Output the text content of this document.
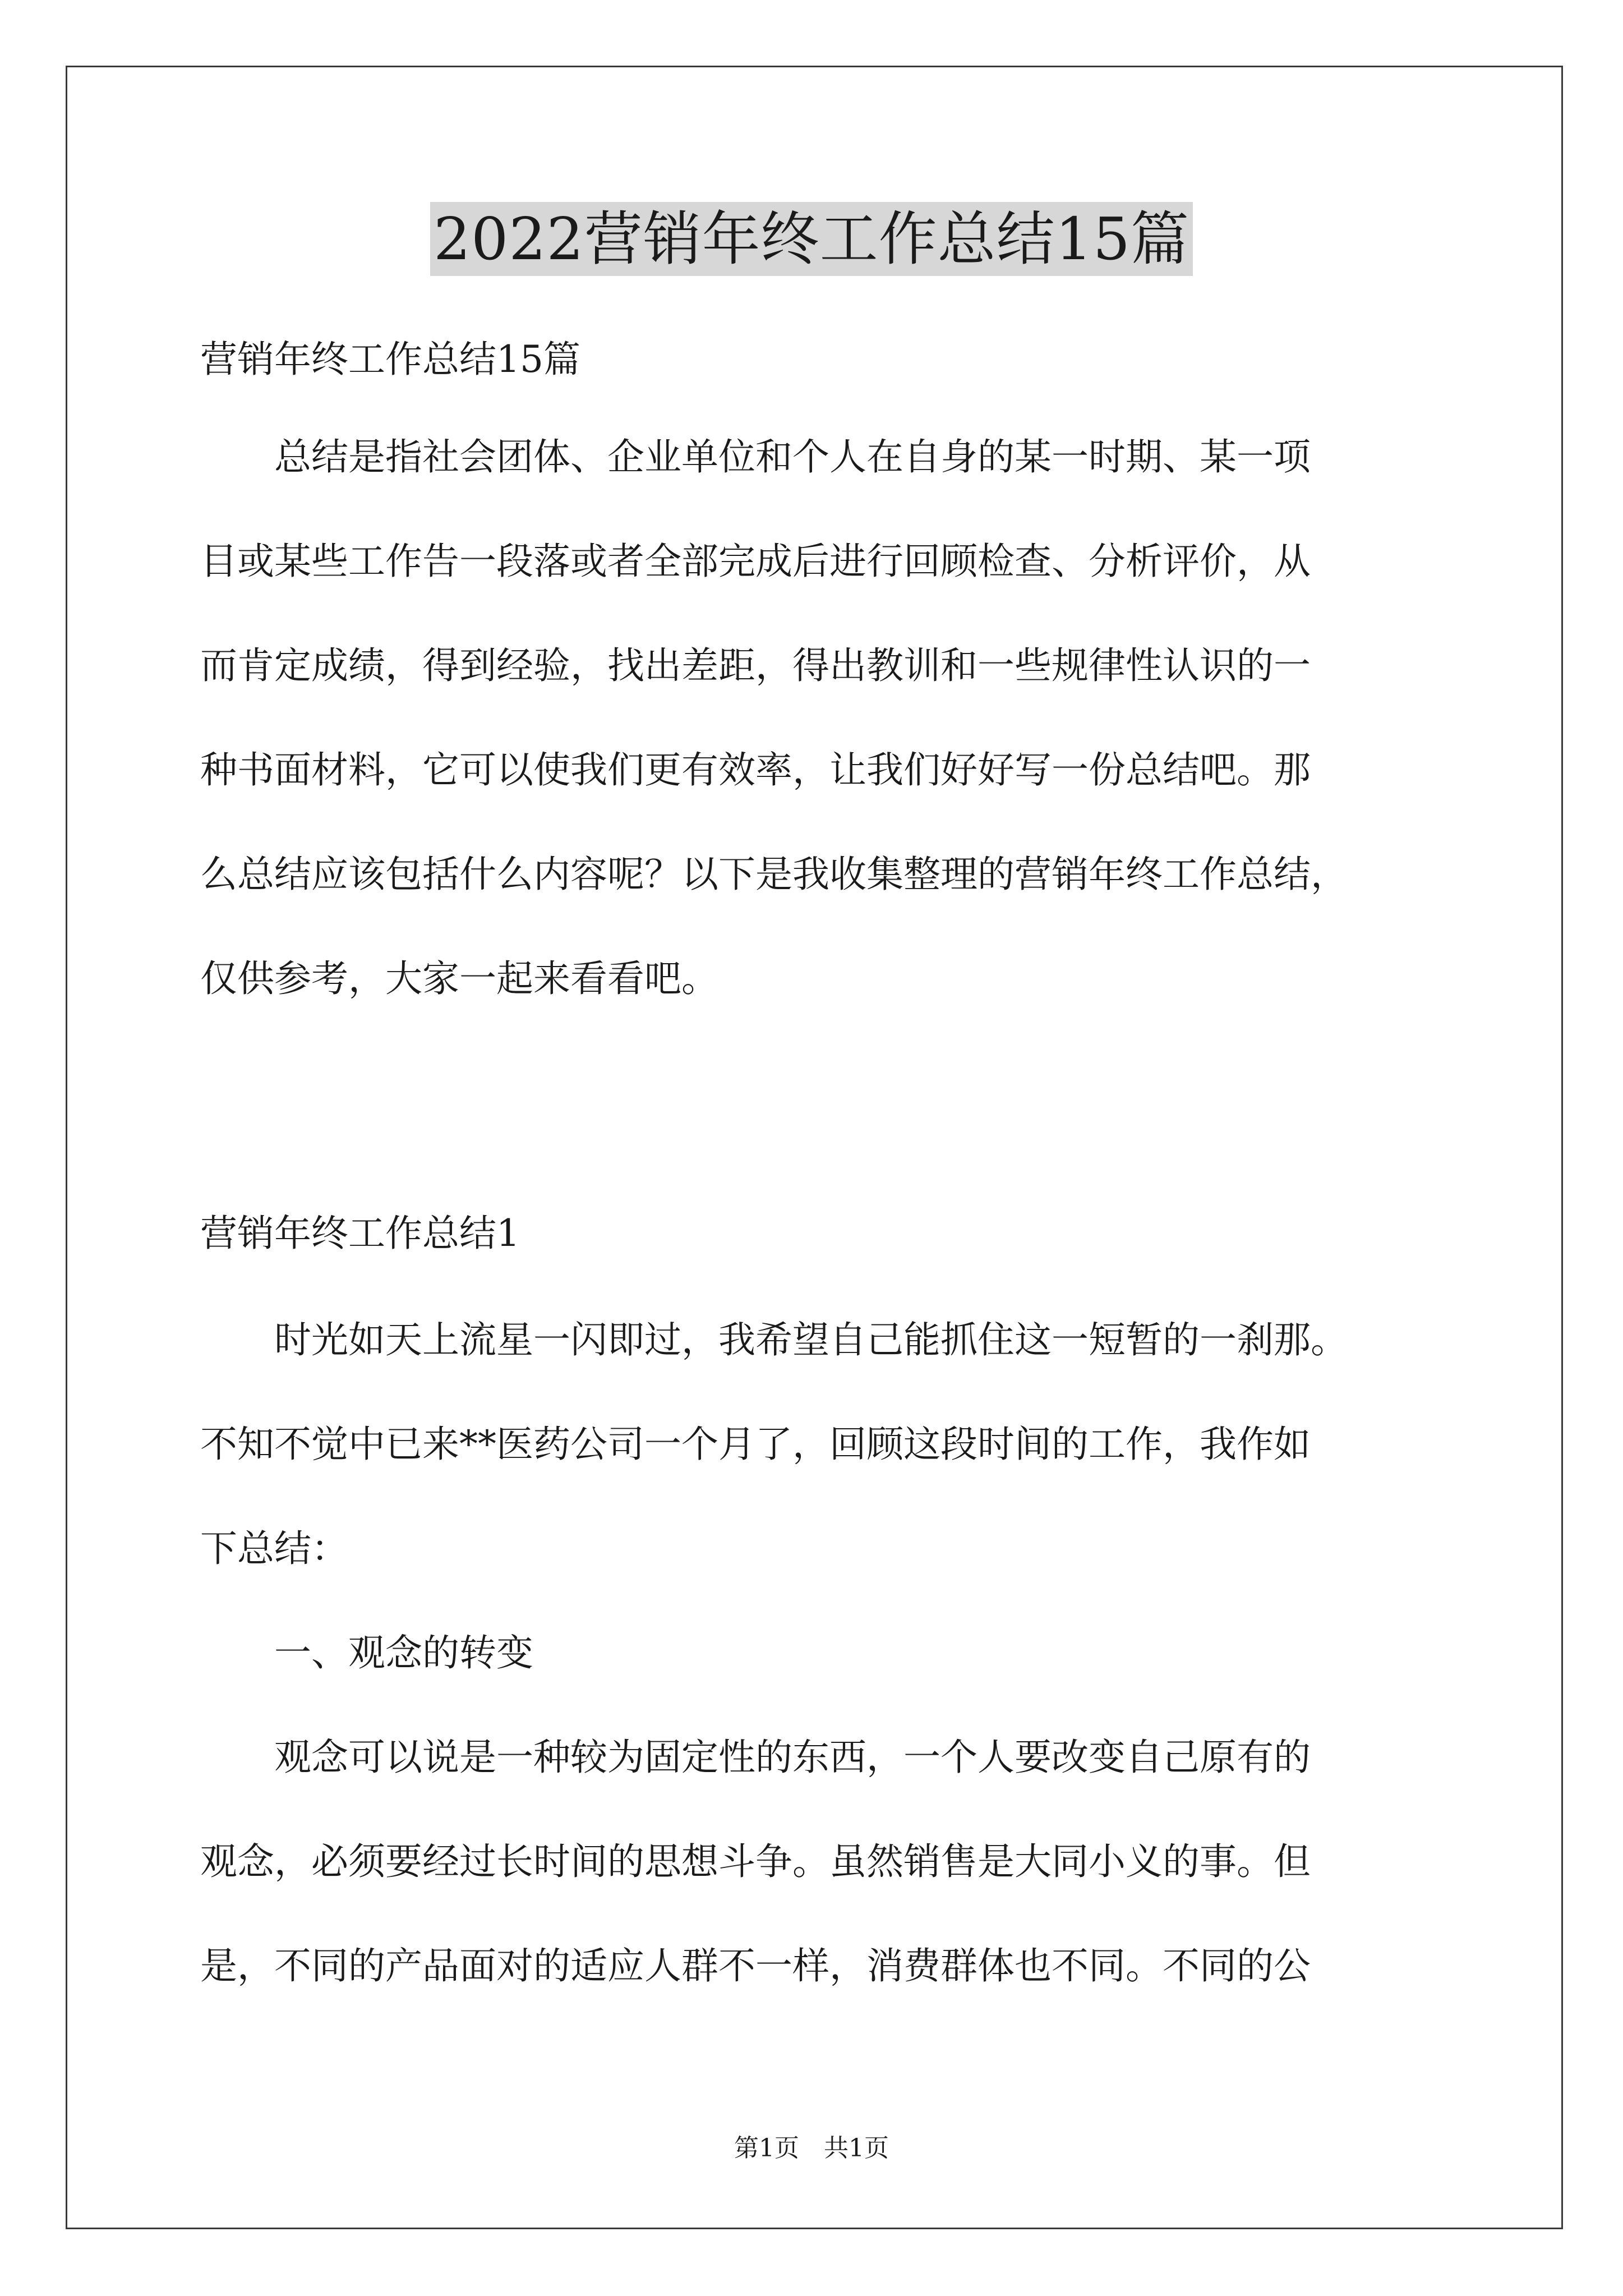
2022营销年终工作总结15篇
营销年终工作总结15篇
　　总结是指社会团体、企业单位和个人在自身的某一时期、某一项
目或某些工作告一段落或者全部完成后进行回顾检查、分析评价，从
而肯定成绩，得到经验，找出差距，得出教训和一些规律性认识的一
种书面材料，它可以使我们更有效率，让我们好好写一份总结吧。那
么总结应该包括什么内容呢？以下是我收集整理的营销年终工作总结，
仅供参考，大家一起来看看吧。
营销年终工作总结1
　　时光如天上流星一闪即过，我希望自己能抓住这一短暂的一刹那。
不知不觉中已来**医药公司一个月了，回顾这段时间的工作，我作如
下总结：
　　一、观念的转变
　　观念可以说是一种较为固定性的东西，一个人要改变自己原有的
观念，必须要经过长时间的思想斗争。虽然销售是大同小义的事。但
是，不同的产品面对的适应人群不一样，消费群体也不同。不同的公
第1页　共1页
